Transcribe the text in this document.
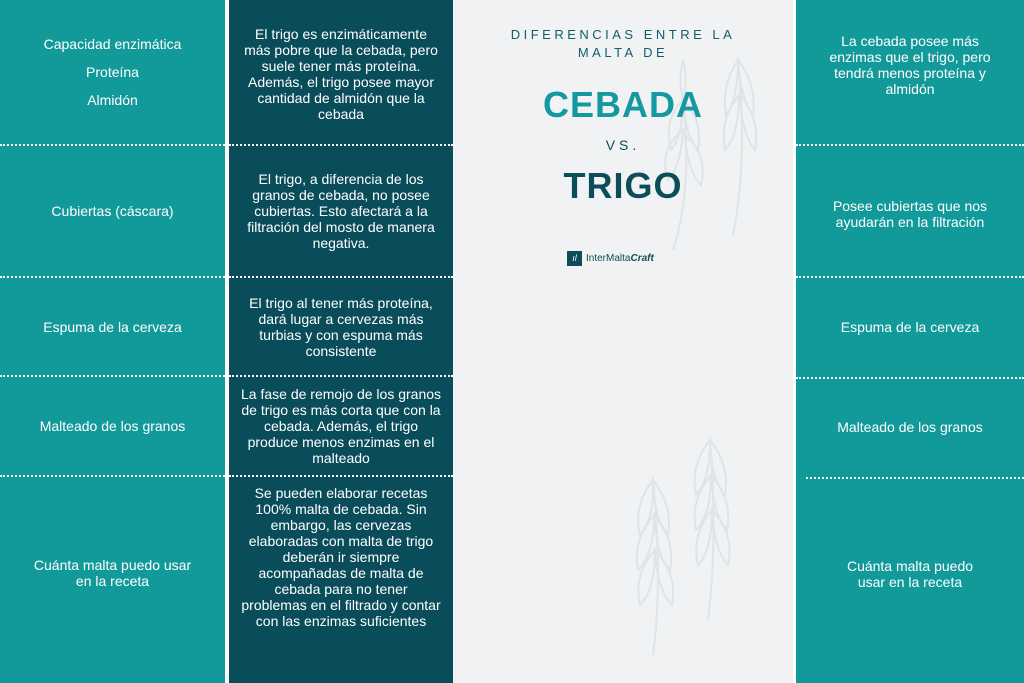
Capacidad enzimática

Proteína

Almidón

Cubiertas (cáscara)
Espuma de la cerveza
Malteado de los granos
Cuánta malta puedo usar en la receta
El trigo es enzimáticamente más pobre que la cebada, pero suele tener más proteína. Además, el trigo posee mayor cantidad de almidón que la cebada
El trigo, a diferencia de los granos de cebada, no posee cubiertas. Esto afectará a la filtración del mosto de manera negativa.
El trigo al tener más proteína, dará lugar a cervezas más turbias y con espuma más consistente
La fase de remojo de los granos de trigo es más corta que con la cebada. Además, el trigo produce menos enzimas en el malteado
Se pueden elaborar recetas 100% malta de cebada. Sin embargo, las cervezas elaboradas con malta de trigo deberán ir siempre acompañadas de malta de cebada para no tener problemas en el filtrado y contar con las enzimas suficientes
DIFERENCIAS ENTRE LA
MALTA DE
CEBADA
VS.
TRIGO
ıl InterMaltaCraft
La cebada posee más enzimas que el trigo, pero tendrá menos proteína y almidón
Posee cubiertas que nos ayudarán en la filtración
Espuma de la cerveza
Malteado de los granos
Cuánta malta puedo usar en la receta
